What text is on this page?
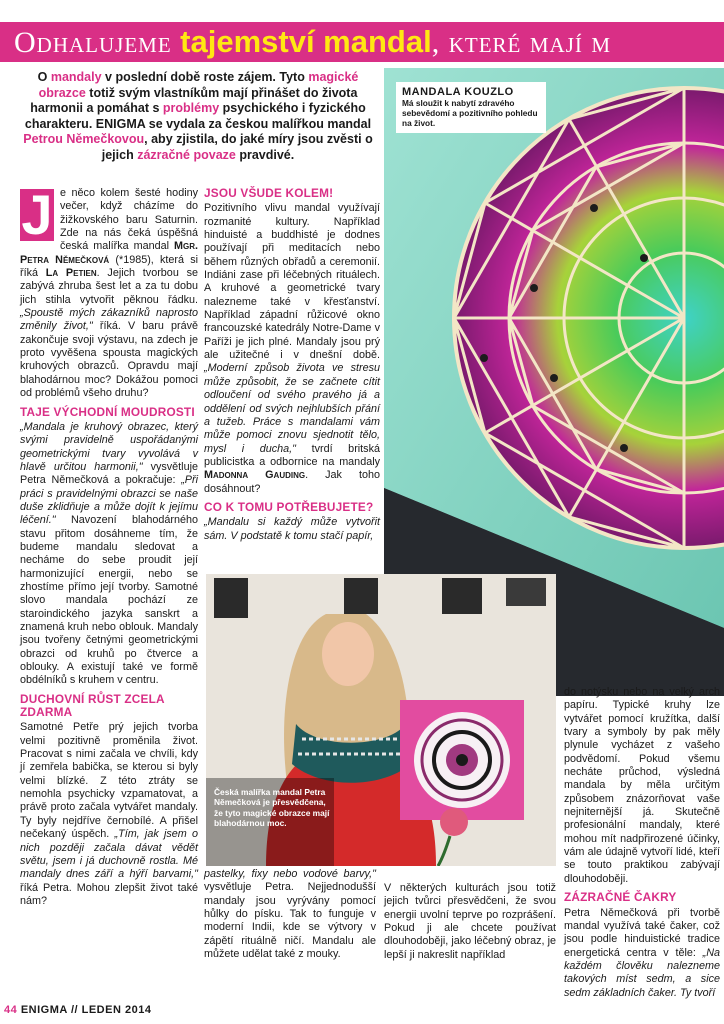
Odhalujeme tajemství mandal, které mají m
O mandaly v poslední době roste zájem. Tyto magické obrazce totiž svým vlastníkům mají přinášet do života harmonii a pomáhat s problémy psychického i fyzického charakteru. ENIGMA se vydala za českou malířkou mandal Petrou Němečkovou, aby zjistila, do jaké míry jsou zvěsti o jejich zázračné povaze pravdivé.

J e něco kolem šesté hodiny večer, když cházíme do žižkovského baru Saturnin. Zde na nás čeká úspěšná česká malířka mandal Mgr. Petra Němečková (*1985), která si říká La Petien. Jejich tvorbou se zabývá zhruba šest let a za tu dobu jich stihla vytvořit pěknou řádku. „Spoustě mých zákazníků naprosto změnily život," říká. V baru právě zakončuje svoji výstavu, na zdech je proto vyvěšena spousta magických kruhových obrazců. Opravdu mají blahodárnou moc? Dokážou pomoci od problémů všeho druhu?

TAJE VÝCHODNÍ MOUDROSTI

„Mandala je kruhový obrazec, který svými pravidelně uspořádanými geometrickými tvary vyvolává v hlavě určitou harmonii," vysvětluje Petra Němečková a pokračuje: „Při práci s pravidelnými obrazci se naše duše zklidňuje a může dojít k jejímu léčení." Navození blahodárného stavu přitom dosáhneme tím, že budeme mandalu sledovat a necháme do sebe proudit její harmonizující energii, nebo se zhostíme přímo její tvorby. Samotné slovo mandala pochází ze staroindického jazyka sanskrt a znamená kruh nebo oblouk. Mandaly jsou tvořeny četnými geometrickými obrazci od kruhů po čtverce a oblouky. A existují také ve formě obdélníků s kruhem v centru.

DUCHOVNÍ RŮST ZCELA ZDARMA

Samotné Petře prý jejich tvorba velmi pozitivně proměnila život. Pracovat s nimi začala ve chvíli, kdy jí zemřela babička, se kterou si byly velmi blízké. Z této ztráty se nemohla psychicky vzpamatovat, a právě proto začala vytvářet mandaly. Ty byly nejdříve černobílé. A přišel nečekaný úspěch. „Tím, jak jsem o nich později začala dávat vědět světu, jsem i já duchovně rostla. Mé mandaly dnes září a hýří barvami," říká Petra. Mohou zlepšit život také nám?

JSOU VŠUDE KOLEM!

Pozitivního vlivu mandal využívají rozmanité kultury. Například hinduisté a buddhisté je dodnes používají při meditacích nebo během různých obřadů a ceremonií. Indiáni zase při léčebných rituálech. A kruhové a geometrické tvary nalezneme také v křesťanství. Například západní růžicové okno francouzské katedrály Notre-Dame v Paříži je jich plné. Mandaly jsou prý ale užitečné i v dnešní době. „Moderní způsob života ve stresu může způsobit, že se začnete cítit odloučení od svého pravého já a oddělení od svých nejhlubších přání a tužeb. Práce s mandalami vám může pomoci znovu sjednotit tělo, mysl i ducha," tvrdí britská publicistka a odbornice na mandaly Madonna Gauding. Jak toho dosáhnout?

CO K TOMU POTŘEBUJETE?

„Mandalu si každý může vytvořit sám. V podstatě k tomu stačí papír,

MANDALA KOUZLO
Má sloužit k nabytí zdravého sebevědomí a pozitivního pohledu na život.
Česká malířka mandal Petra Němečková je přesvědčena, že tyto magické obrazce mají blahodárnou moc.

pastelky, fixy nebo vodové barvy," vysvětluje Petra. Nejjednodušší mandaly jsou vyrývány pomocí hůlky do písku. Tak to funguje v moderní Indii, kde se výtvory v zápětí rituálně ničí. Mandalu ale můžete udělat také z mouky.

V některých kulturách jsou totiž jejich tvůrci přesvědčeni, že svou energii uvolní teprve po rozprášení. Pokud ji ale chcete používat dlouhodoběji, jako léčebný obraz, je lepší ji nakreslit například

do notýsku nebo na velký arch papíru. Typické kruhy lze vytvářet pomocí kružítka, další tvary a symboly by pak měly plynule vycházet z vašeho podvědomí. Pokud všemu necháte průchod, výsledná mandala by měla určitým způsobem znázorňovat vaše nejniternější já. Skutečně profesionální mandaly, které mohou mít nadpřirozené účinky, vám ale údajně vytvoří lidé, kteří se touto praktikou zabývají dlouhodoběji.

ZÁZRAČNÉ ČAKRY

Petra Němečková při tvorbě mandal využívá také čaker, což jsou podle hinduistické tradice energetická centra v těle: „Na každém člověku nalezneme takových míst sedm, a sice sedm základních čaker. Ty tvoří

44 ENIGMA // LEDEN 2014
